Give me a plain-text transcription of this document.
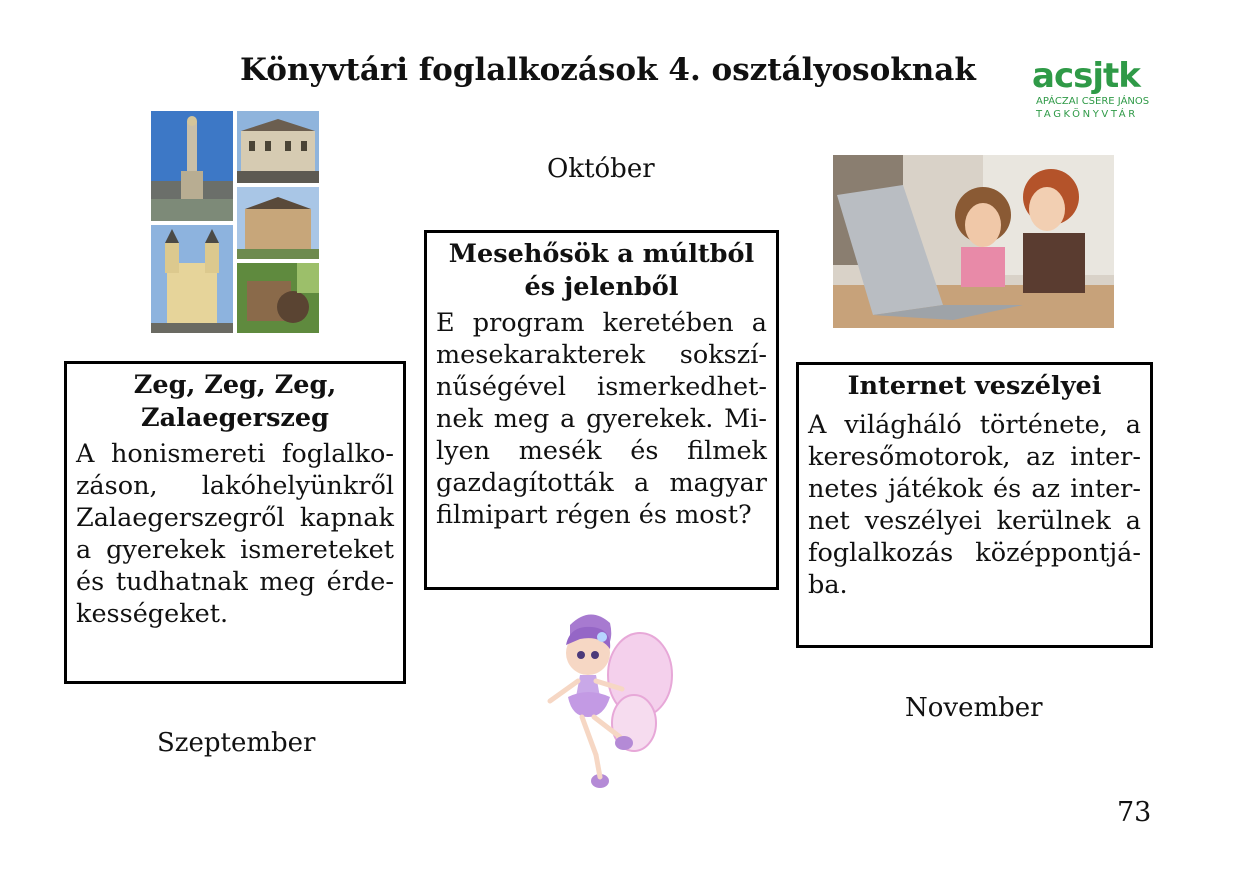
Könyvtári foglalkozások 4. osztályosoknak acsjtk
APÁCZAI CSERE JÁNOS
TAGKÖNYVTÁR
Október
Zeg, Zeg, Zeg, Zalaegerszeg
A honismereti foglalkozáson, lakóhelyünkről Zalaegerszegről kapnak a gyerekek ismereteket és tudhatnak meg érdekességeket.
Mesehősök a múltból és jelenből
E program keretében a mesekarakterek sokszínűségével ismerkedhetnek meg a gyerekek. Milyen mesék és filmek gazdagították a magyar filmipart régen és most?
Internet veszélyei
A világháló története, a keresőmotorok, az internetes játékok és az internet veszélyei kerülnek a foglalkozás középpontjába.
Szeptember
November
73
